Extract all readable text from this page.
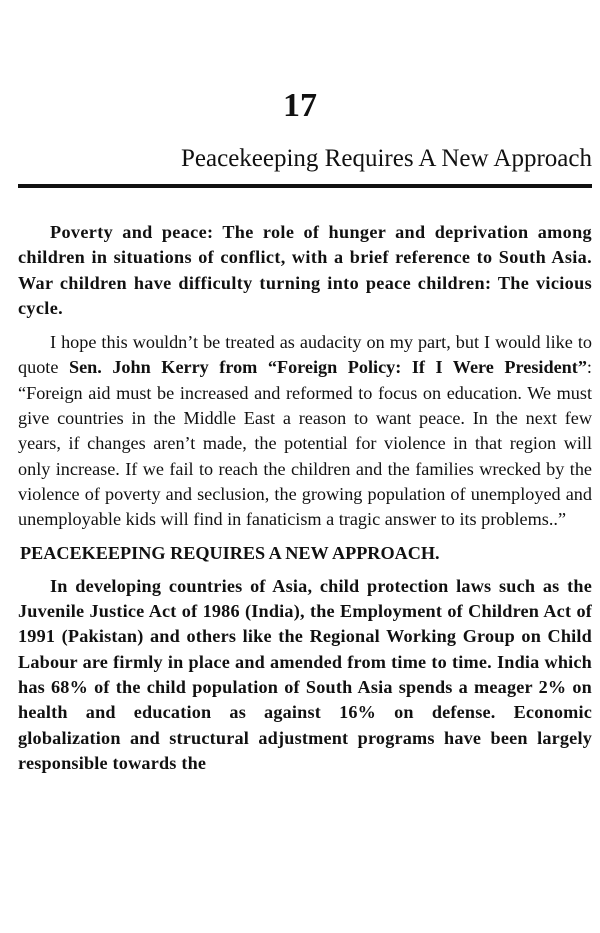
17
Peacekeeping Requires A New Approach

Poverty and peace: The role of hunger and deprivation among children in situations of conflict, with a brief reference to South Asia. War children have difficulty turning into peace children: The vicious cycle.

I hope this wouldn’t be treated as audacity on my part, but I would like to quote Sen. John Kerry from “Foreign Policy: If I Were President”: “Foreign aid must be increased and reformed to focus on education. We must give countries in the Middle East a reason to want peace. In the next few years, if changes aren’t made, the potential for violence in that region will only increase. If we fail to reach the children and the families wrecked by the violence of poverty and seclusion, the growing population of unemployed and unemployable kids will find in fanaticism a tragic answer to its problems..”

PEACEKEEPING REQUIRES A NEW APPROACH.

In developing countries of Asia, child protection laws such as the Juvenile Justice Act of 1986 (India), the Employment of Children Act of 1991 (Pakistan) and others like the Regional Working Group on Child Labour are firmly in place and amended from time to time. India which has 68% of the child population of South Asia spends a meager 2% on health and education as against 16% on defense. Economic globalization and structural adjustment programs have been largely responsible towards the
